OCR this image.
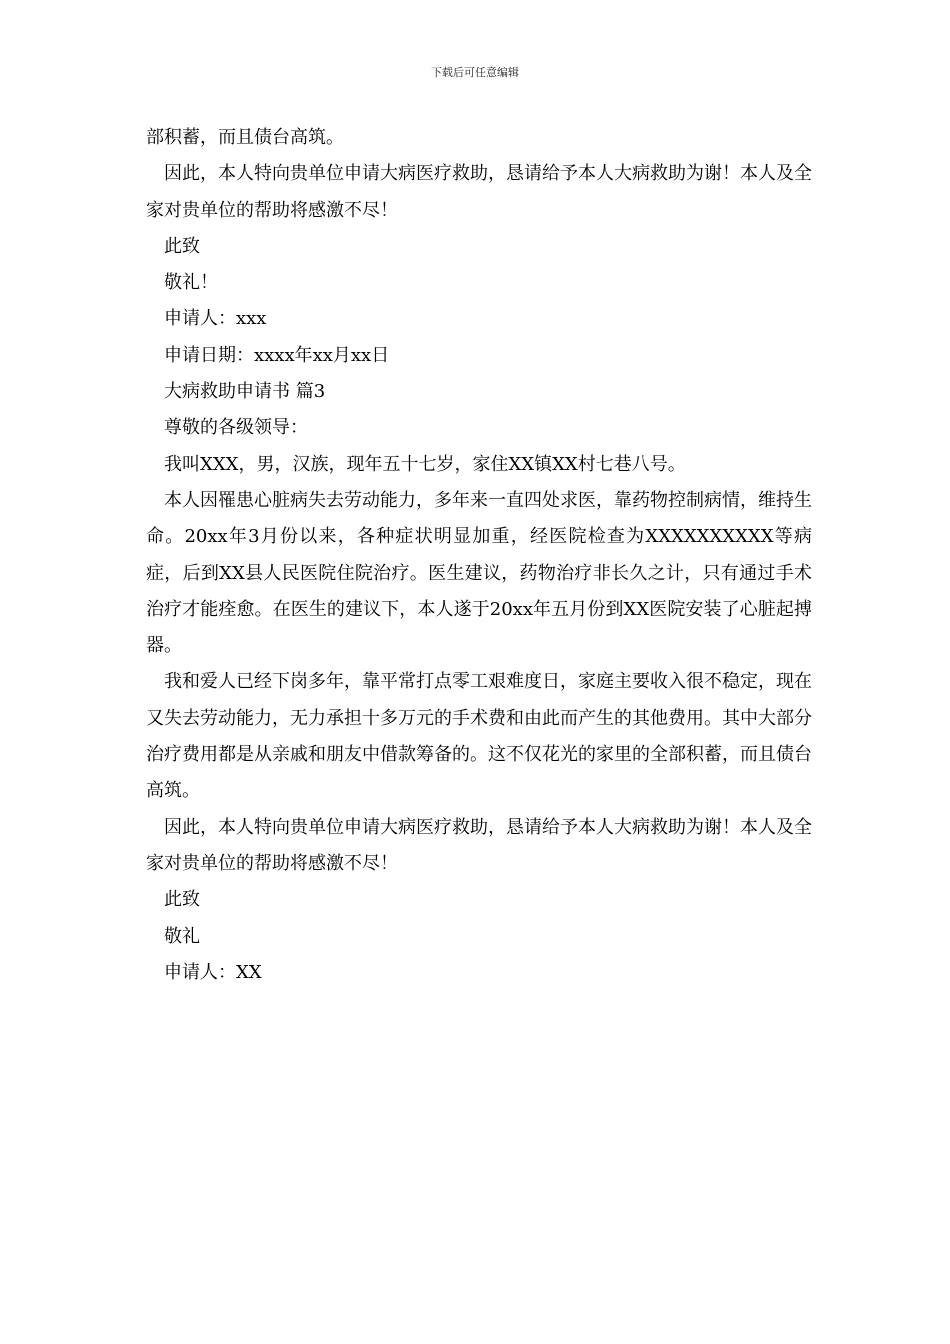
下载后可任意编辑

部积蓄，而且债台高筑。

因此，本人特向贵单位申请大病医疗救助，恳请给予本人大病救助为谢！本人及全家对贵单位的帮助将感激不尽！

此致

敬礼！

申请人：xxx

申请日期：xxxx年xx月xx日

大病救助申请书 篇3

尊敬的各级领导：

我叫XXX，男，汉族，现年五十七岁，家住XX镇XX村七巷八号。

本人因罹患心脏病失去劳动能力，多年来一直四处求医，靠药物控制病情，维持生命。20xx年3月份以来，各种症状明显加重，经医院检查为XXXXXXXXXX等病症，后到XX县人民医院住院治疗。医生建议，药物治疗非长久之计，只有通过手术治疗才能痊愈。在医生的建议下，本人遂于20xx年五月份到XX医院安装了心脏起搏器。

我和爱人已经下岗多年，靠平常打点零工艰难度日，家庭主要收入很不稳定，现在又失去劳动能力，无力承担十多万元的手术费和由此而产生的其他费用。其中大部分治疗费用都是从亲戚和朋友中借款筹备的。这不仅花光的家里的全部积蓄，而且债台高筑。

因此，本人特向贵单位申请大病医疗救助，恳请给予本人大病救助为谢！本人及全家对贵单位的帮助将感激不尽！

此致

敬礼

申请人：XX
